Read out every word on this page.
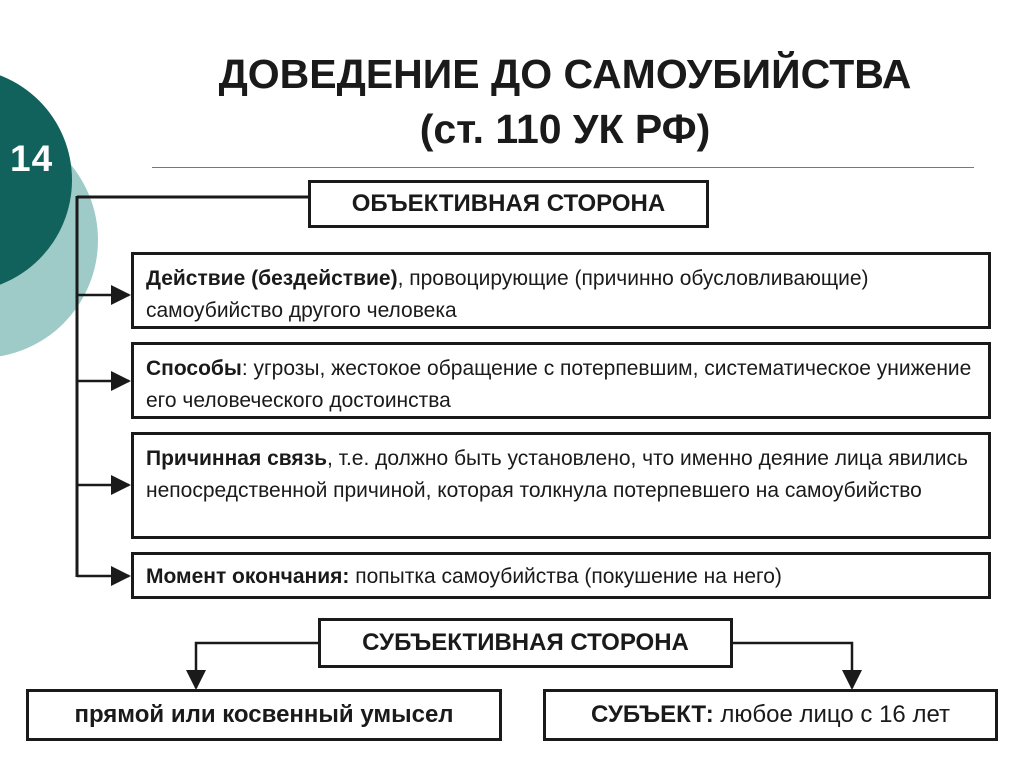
14
ДОВЕДЕНИЕ ДО САМОУБИЙСТВА
(ст. 110 УК РФ)
ОБЪЕКТИВНАЯ СТОРОНА
Действие (бездействие), провоцирующие (причинно обусловливающие) самоубийство другого человека
Способы: угрозы, жестокое обращение с потерпевшим, систематическое унижение его человеческого достоинства
Причинная связь, т.е. должно быть установлено, что именно деяние лица явились непосредственной причиной, которая толкнула потерпевшего на самоубийство
Момент окончания: попытка самоубийства (покушение на него)
СУБЪЕКТИВНАЯ СТОРОНА
прямой или косвенный умысел	СУБЪЕКТ: любое лицо с 16 лет
